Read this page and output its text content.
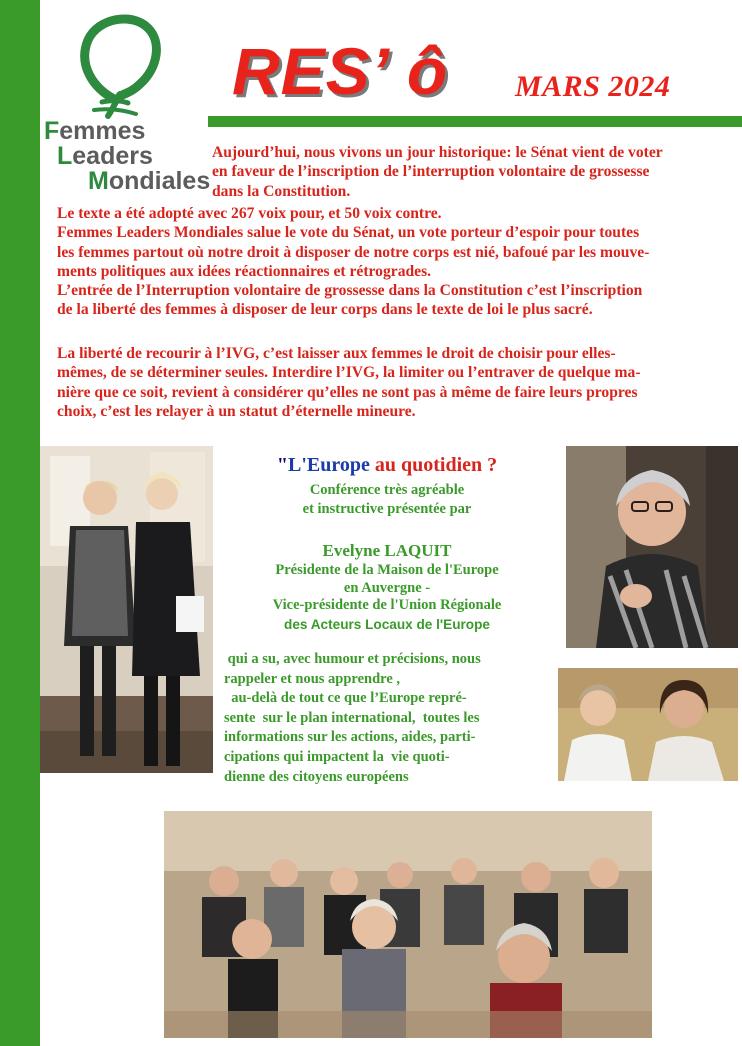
Femmes
Leaders
Mondiales
RES’ ô MARS 2024
Aujourd’hui, nous vivons un jour historique: le Sénat vient de voter
en faveur de l’inscription de l’interruption volontaire de grossesse
dans la Constitution.

Le texte a été adopté avec 267 voix pour, et 50 voix contre.

Femmes Leaders Mondiales salue le vote du Sénat, un vote porteur d’espoir pour toutes

les femmes partout où notre droit à disposer de notre corps est nié, bafoué par les mouve-

ments politiques aux idées réactionnaires et rétrogrades.

L’entrée de l’Interruption volontaire de grossesse dans la Constitution c’est l’inscription

de la liberté des femmes à disposer de leur corps dans le texte de loi le plus sacré.

La liberté de recourir à l’IVG, c’est laisser aux femmes le droit de choisir pour elles-

mêmes, de se déterminer seules. Interdire l’IVG, la limiter ou l’entraver de quelque ma-

nière que ce soit, revient à considérer qu’elles ne sont pas à même de faire leurs propres

choix, c’est les relayer à un statut d’éternelle mineure.

"L'Europe au quotidien ?
Conférence très agréable
et instructive présentée par
Evelyne LAQUIT
Présidente de la Maison de l'Europe
en Auvergne -
Vice-présidente de l'Union Régionale
des Acteurs Locaux de l'Europe
qui a su, avec humour et précisions, nous
rappeler et nous apprendre ,
au-delà de tout ce que l’Europe repré-
sente  sur le plan international,  toutes les
informations sur les actions, aides, parti-
cipations qui impactent la  vie quoti-
dienne des citoyens européens
